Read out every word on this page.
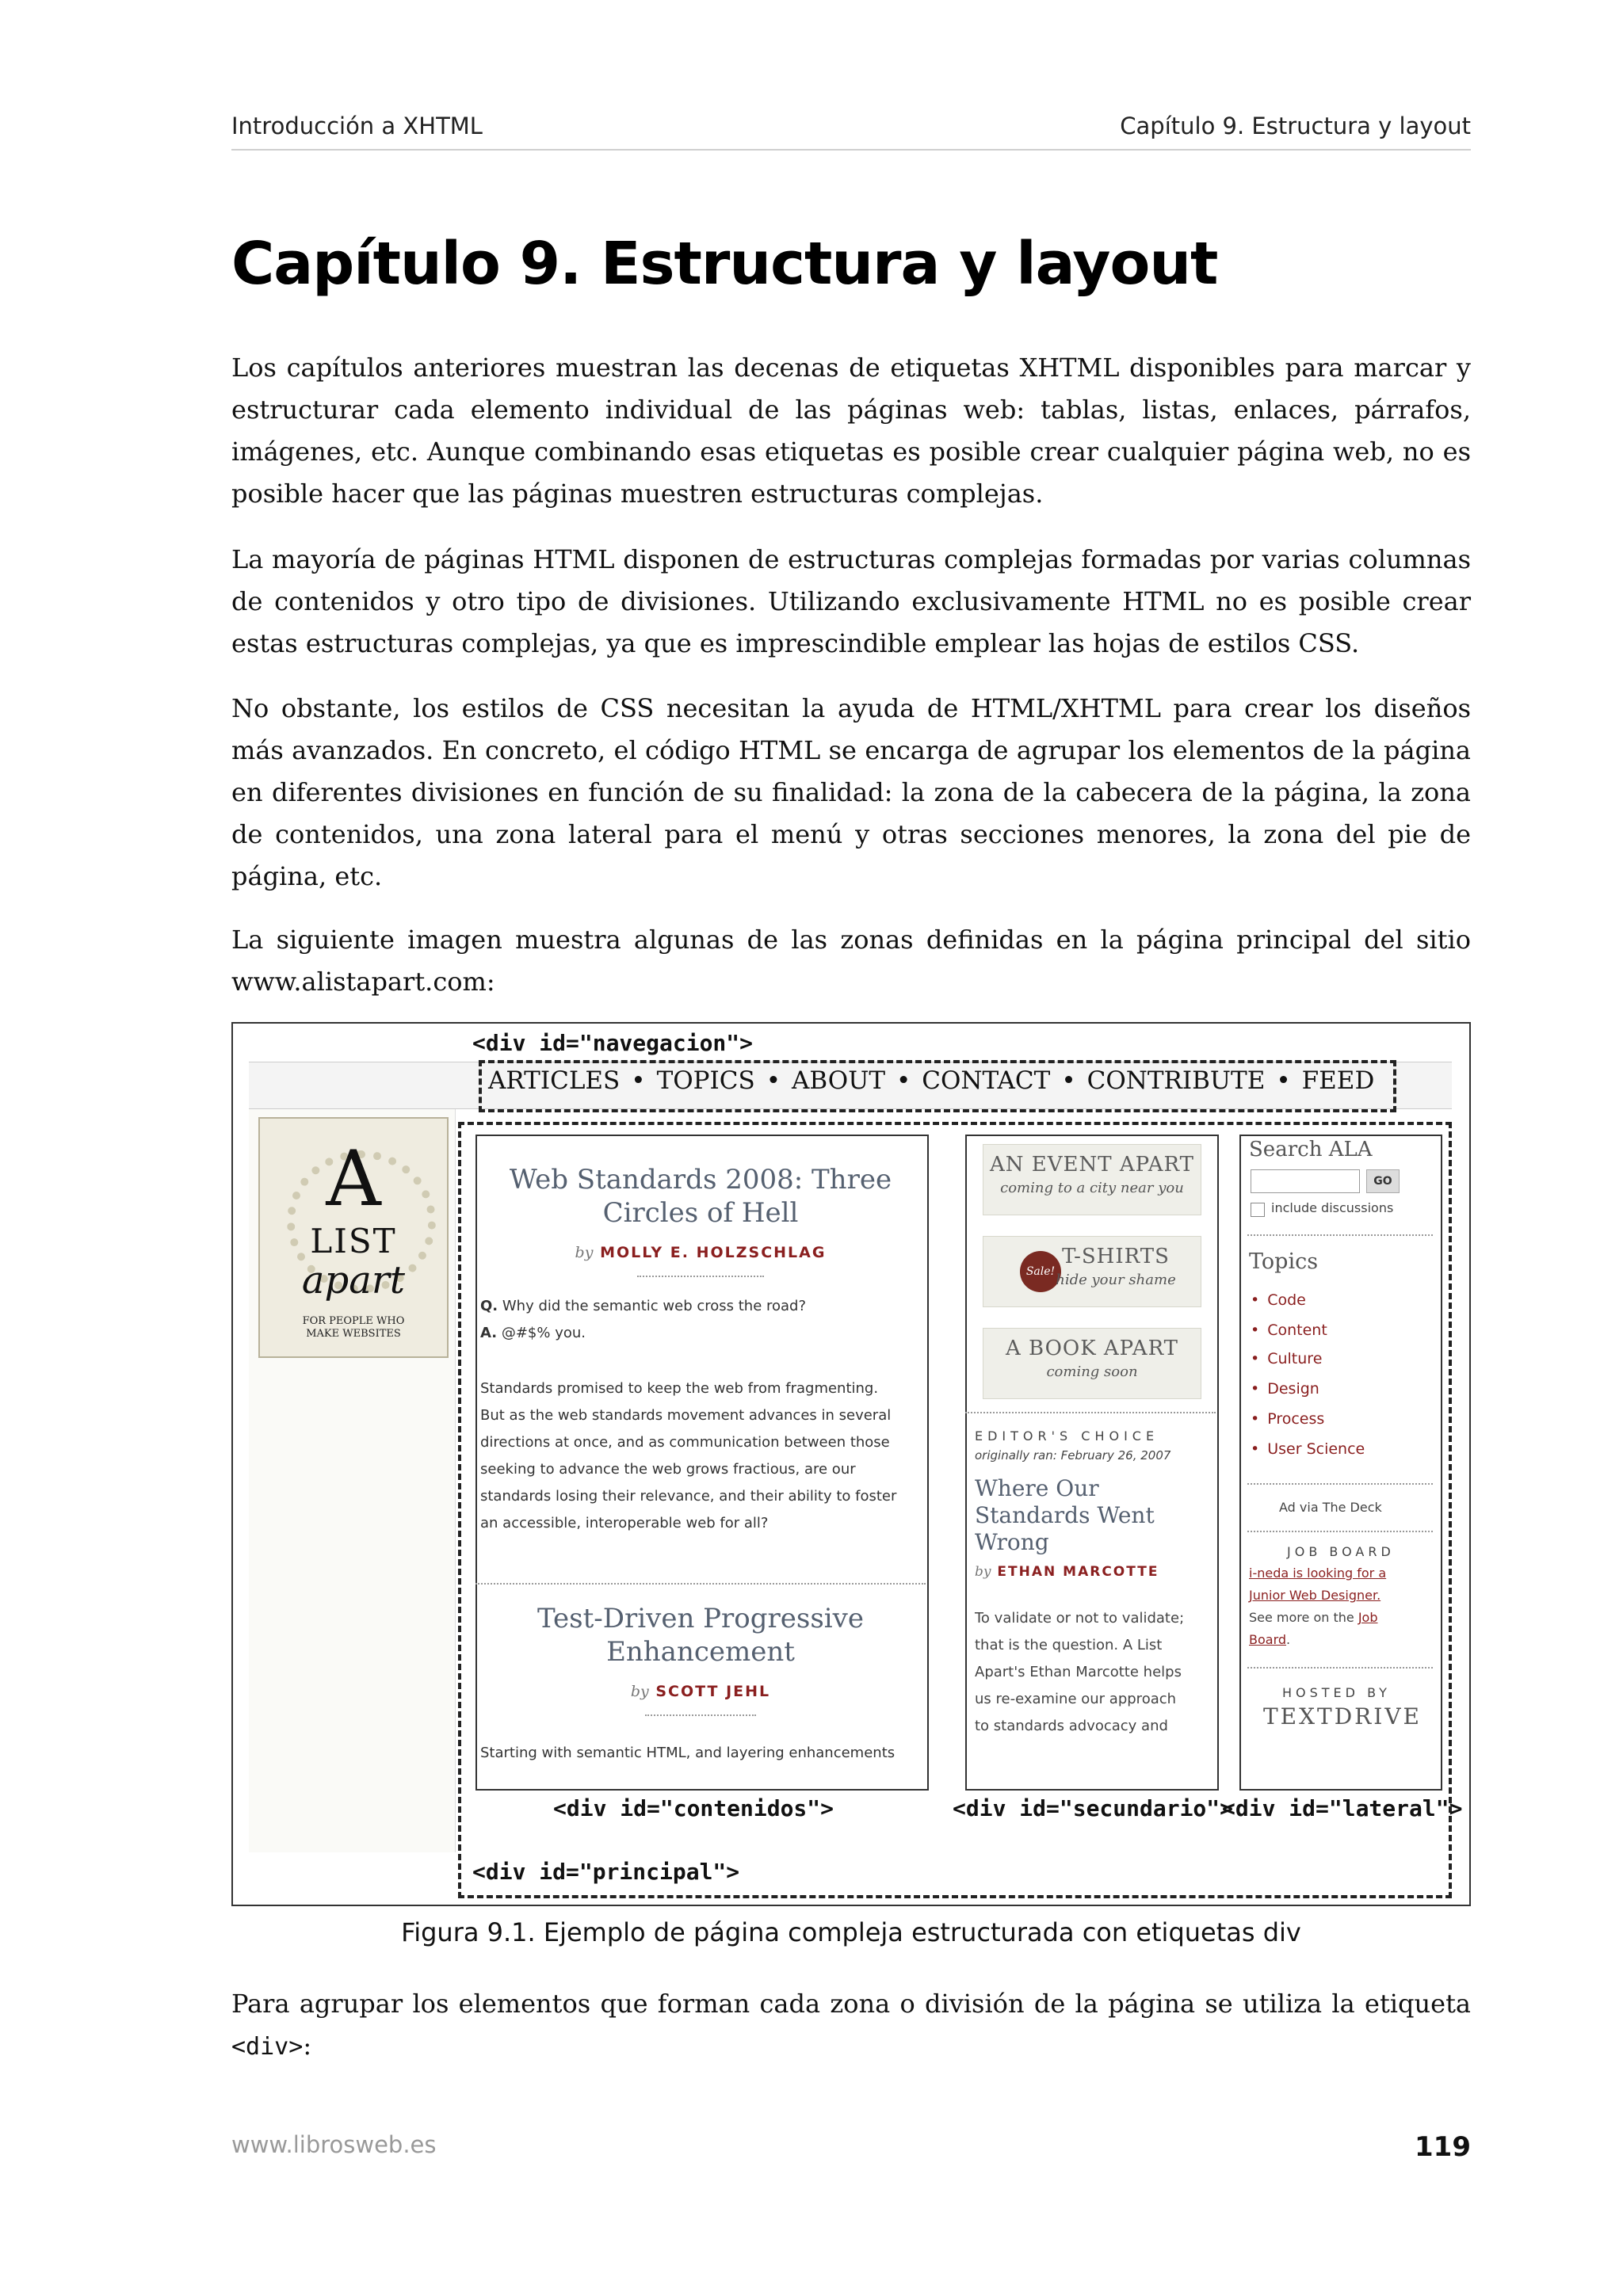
Introducción a XHTML	Capítulo 9. Estructura y layout
Capítulo 9. Estructura y layout

Los capítulos anteriores muestran las decenas de etiquetas XHTML disponibles para marcar y estructurar cada elemento individual de las páginas web: tablas, listas, enlaces, párrafos, imágenes, etc. Aunque combinando esas etiquetas es posible crear cualquier página web, no es posible hacer que las páginas muestren estructuras complejas.

La mayoría de páginas HTML disponen de estructuras complejas formadas por varias columnas de contenidos y otro tipo de divisiones. Utilizando exclusivamente HTML no es posible crear estas estructuras complejas, ya que es imprescindible emplear las hojas de estilos CSS.

No obstante, los estilos de CSS necesitan la ayuda de HTML/XHTML para crear los diseños más avanzados. En concreto, el código HTML se encarga de agrupar los elementos de la página en diferentes divisiones en función de su finalidad: la zona de la cabecera de la página, la zona de contenidos, una zona lateral para el menú y otras secciones menores, la zona del pie de página, etc.

La siguiente imagen muestra algunas de las zonas definidas en la página principal del sitio www.alistapart.com:

<div id="navegacion">
ARTICLES • TOPICS • ABOUT • CONTACT • CONTRIBUTE • FEED
A
LIST
apart
FOR PEOPLE WHO
MAKE WEBSITES
Web Standards 2008: Three
Circles of Hell
by MOLLY E. HOLZSCHLAG
Q. Why did the semantic web cross the road?
A. @#$% you.
Standards promised to keep the web from fragmenting.
But as the web standards movement advances in several
directions at once, and as communication between those
seeking to advance the web grows fractious, are our
standards losing their relevance, and their ability to foster
an accessible, interoperable web for all?
Test-Driven Progressive
Enhancement
by SCOTT JEHL
Starting with semantic HTML, and layering enhancements
AN EVENT APART
coming to a city near you
Sale!
T-SHIRTS
hide your shame
A BOOK APART
coming soon
EDITOR'S CHOICE
originally ran: February 26, 2007
Where Our
Standards Went
Wrong
by ETHAN MARCOTTE
To validate or not to validate;
that is the question. A List
Apart's Ethan Marcotte helps
us re-examine our approach
to standards advocacy and
Search ALA
GO
include discussions
Topics
• Code
• Content
• Culture
• Design
• Process
• User Science
Ad via The Deck
JOB BOARD
i-neda is looking for a
Junior Web Designer.
See more on the Job
Board.
HOSTED BY
TEXTDRIVE
<div id="contenidos">	<div id="secundario">
<div id="lateral">
<div id="principal">
Figura 9.1. Ejemplo de página compleja estructurada con etiquetas div

Para agrupar los elementos que forman cada zona o división de la página se utiliza la etiqueta <div>:

www.librosweb.es	119
